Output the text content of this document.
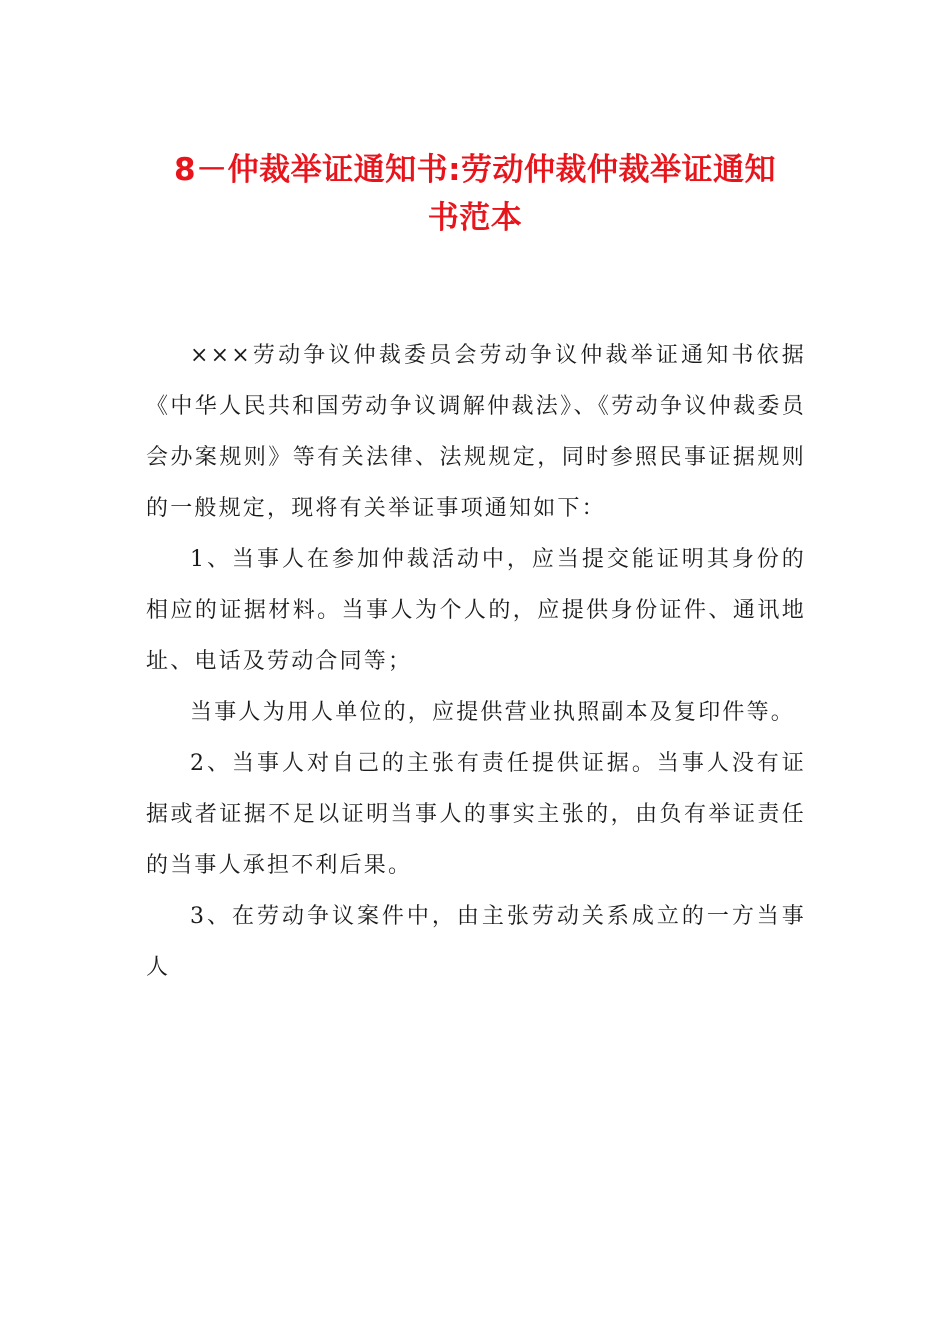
8－仲裁举证通知书:劳动仲裁仲裁举证通知
书范本

×××劳动争议仲裁委员会劳动争议仲裁举证通知书依据《中华人民共和国劳动争议调解仲裁法》、《劳动争议仲裁委员会办案规则》等有关法律、法规规定，同时参照民事证据规则的一般规定，现将有关举证事项通知如下：

1、当事人在参加仲裁活动中，应当提交能证明其身份的相应的证据材料。当事人为个人的，应提供身份证件、通讯地址、电话及劳动合同等；

当事人为用人单位的，应提供营业执照副本及复印件等。

2、当事人对自己的主张有责任提供证据。当事人没有证据或者证据不足以证明当事人的事实主张的，由负有举证责任的当事人承担不利后果。

3、在劳动争议案件中，由主张劳动关系成立的一方当事人
